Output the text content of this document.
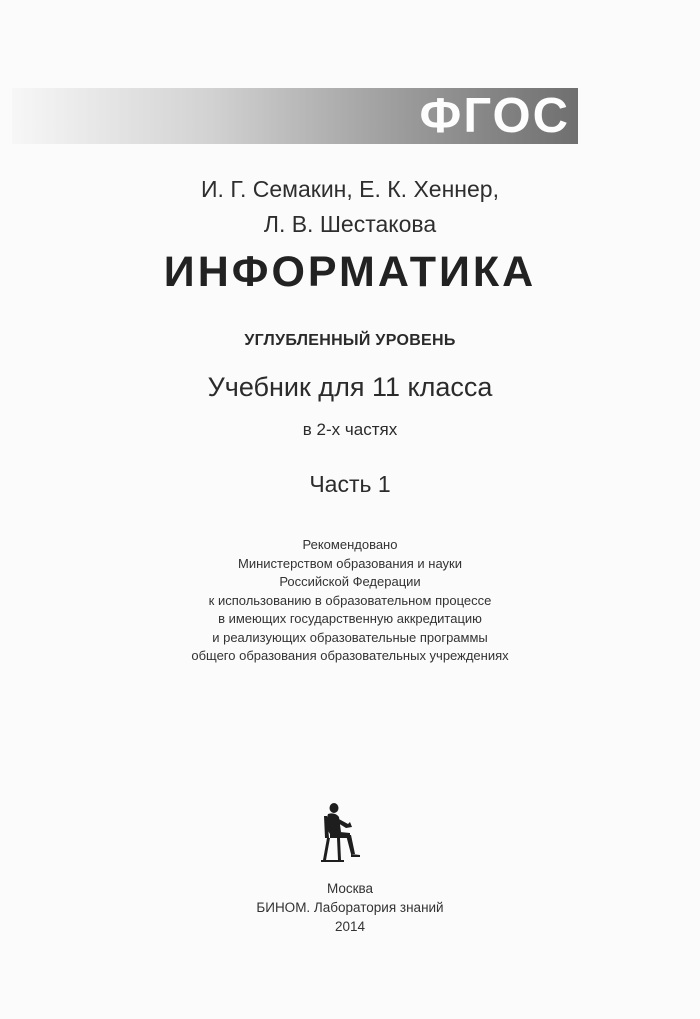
ФГОС
И. Г. Семакин, Е. К. Хеннер,
Л. В. Шестакова
ИНФОРМАТИКА
УГЛУБЛЕННЫЙ УРОВЕНЬ
Учебник для 11 класса
в 2-х частях
Часть 1
Рекомендовано
Министерством образования и науки
Российской Федерации
к использованию в образовательном процессе
в имеющих государственную аккредитацию
и реализующих образовательные программы
общего образования образовательных учреждениях
Москва
БИНОМ. Лаборатория знаний
2014
